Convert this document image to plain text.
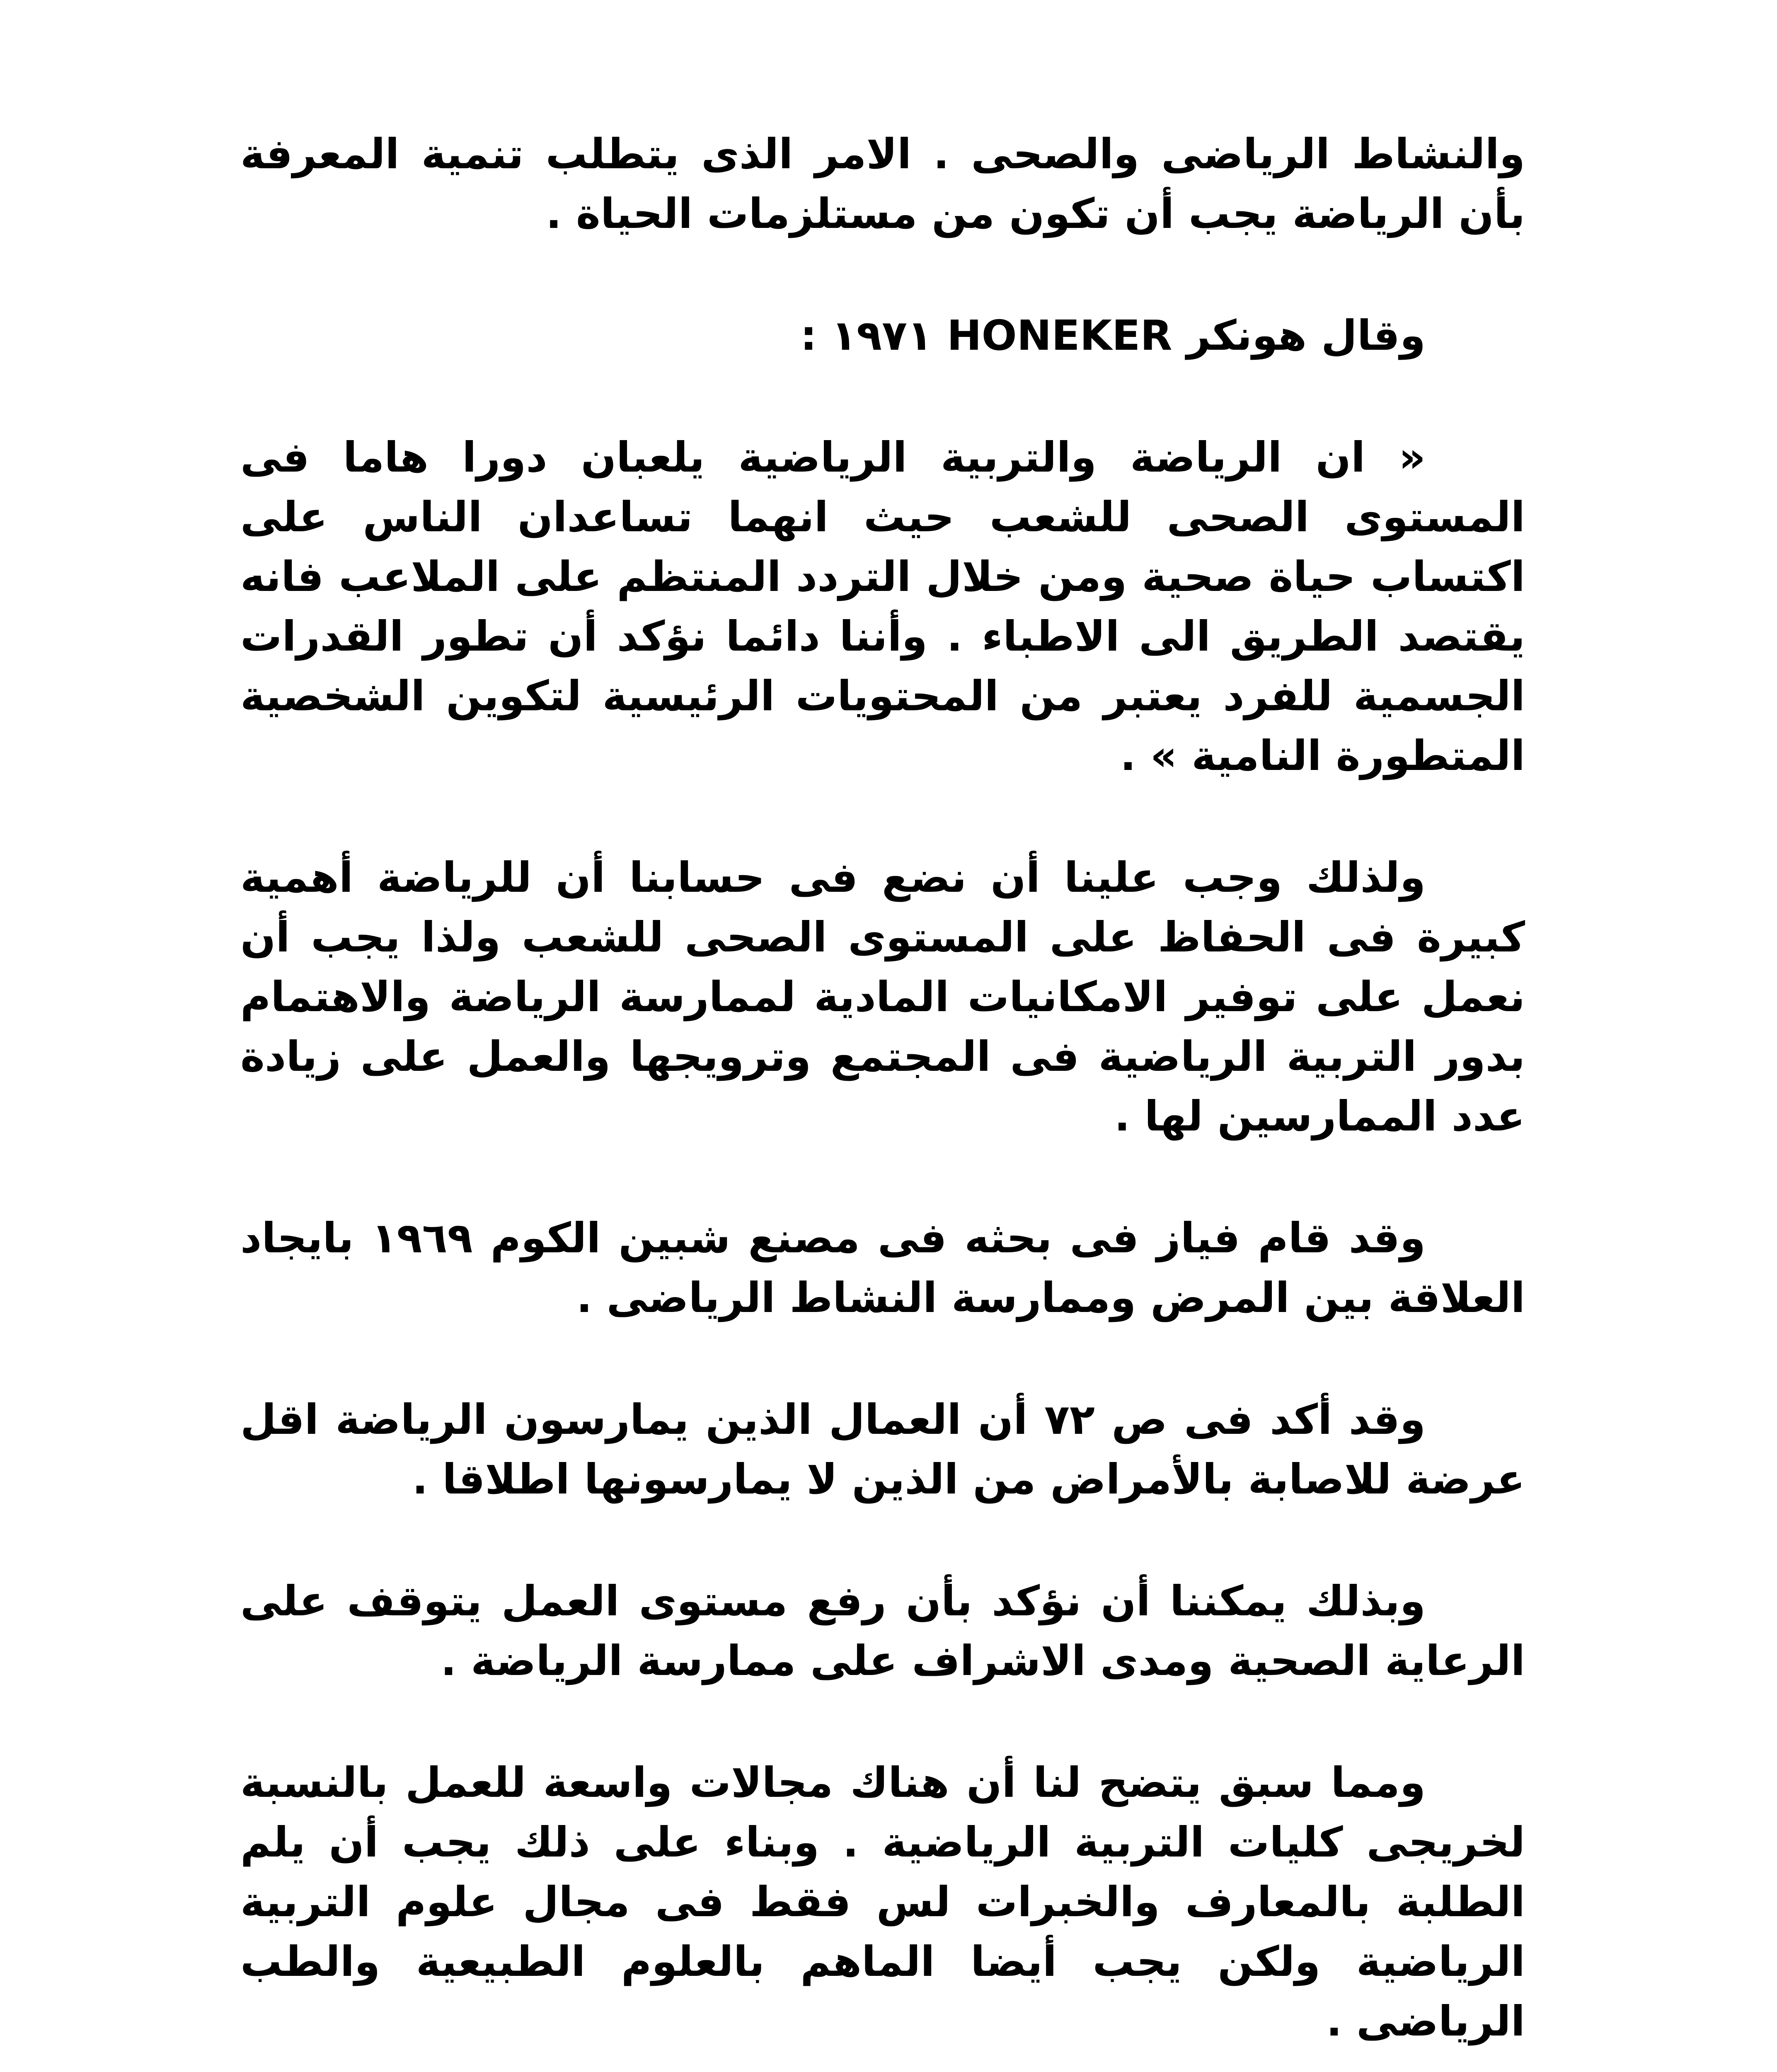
والنشاط الرياضى والصحى . الامر الذى يتطلب تنمية المعرفة بأن الرياضة يجب أن تكون من مستلزمات الحياة .

وقال هونكر HONEKER ١٩٧١ :

« ان الرياضة والتربية الرياضية يلعبان دورا هاما فى المستوى الصحى للشعب حيث انهما تساعدان الناس على اكتساب حياة صحية ومن خلال التردد المنتظم على الملاعب فانه يقتصد الطريق الى الاطباء . وأننا دائما نؤكد أن تطور القدرات الجسمية للفرد يعتبر من المحتويات الرئيسية لتكوين الشخصية المتطورة النامية » .

ولذلك وجب علينا أن نضع فى حسابنا أن للرياضة أهمية كبيرة فى الحفاظ على المستوى الصحى للشعب ولذا يجب أن نعمل على توفير الامكانيات المادية لممارسة الرياضة والاهتمام بدور التربية الرياضية فى المجتمع وترويجها والعمل على زيادة عدد الممارسين لها .

وقد قام فياز فى بحثه فى مصنع شبين الكوم ١٩٦٩ بايجاد العلاقة بين المرض وممارسة النشاط الرياضى .

وقد أكد فى ص ٧٢ أن العمال الذين يمارسون الرياضة اقل عرضة للاصابة بالأمراض من الذين لا يمارسونها اطلاقا .

وبذلك يمكننا أن نؤكد بأن رفع مستوى العمل يتوقف على الرعاية الصحية ومدى الاشراف على ممارسة الرياضة .

ومما سبق يتضح لنا أن هناك مجالات واسعة للعمل بالنسبة لخريجى كليات التربية الرياضية . وبناء على ذلك يجب أن يلم الطلبة بالمعارف والخبرات لس فقط فى مجال علوم التربية الرياضية ولكن يجب أيضا الماهم بالعلوم الطبيعية والطب الرياضى .
